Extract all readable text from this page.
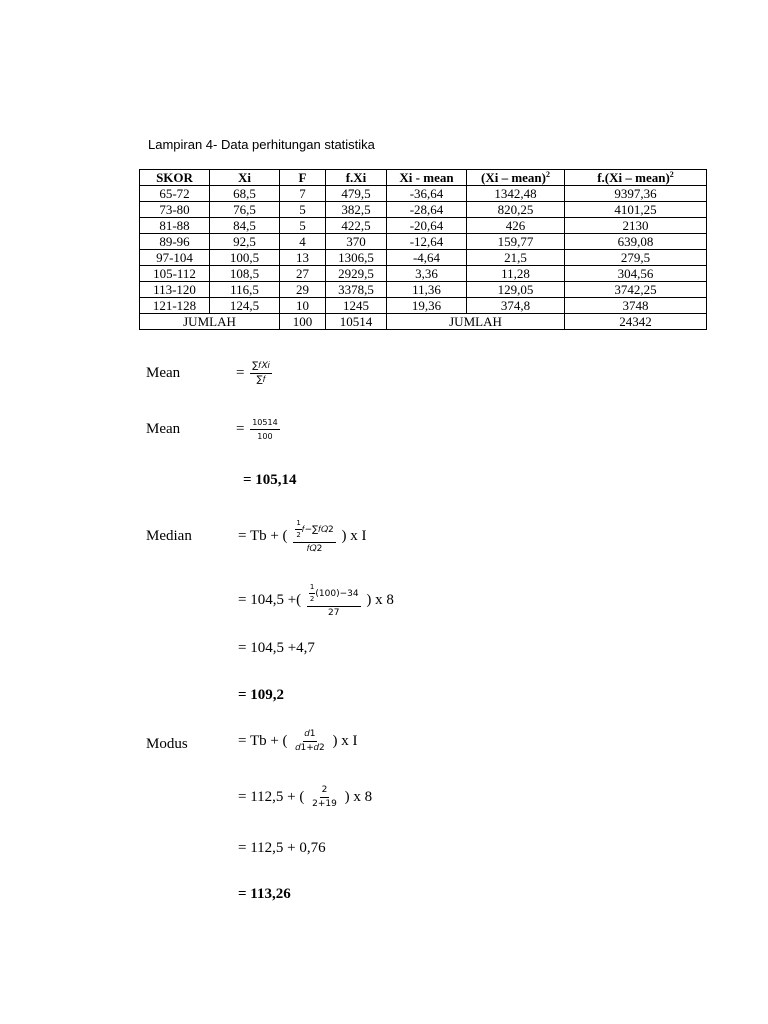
Lampiran 4- Data perhitungan statistika
SKOR	Xi	F	f.Xi	Xi - mean	(Xi – mean)$^2$	f.(Xi – mean)$^2$
65-72	68,5	7	479,5	-36,64	1342,48	9397,36
73-80	76,5	5	382,5	-28,64	820,25	4101,25
81-88	84,5	5	422,5	-20,64	426	2130
89-96	92,5	4	370	-12,64	159,77	639,08
97-104	100,5	13	1306,5	-4,64	21,5	279,5
105-112	108,5	27	2929,5	3,36	11,28	304,56
113-120	116,5	29	3378,5	11,36	129,05	3742,25
121-128	124,5	10	1245	19,36	374,8	3748
JUMLAH		100	10514	JUMLAH		24342
Mean	= $\frac{\text{∑𝑓𝑋𝑖}}{\text{∑𝑓}}$
Mean	= $\frac{10514}{100}$
= 105,14
Median	= Tb + ( $\frac{\frac{1}{2} 𝑓-\sum 𝑓𝑄2}{\text{𝑓𝑄2}}$ ) x I
= 104,5 +( $\frac{\frac{1}{2} (100)-34}{27}$ ) x 8
= 104,5 +4,7
= 109,2
Modus	= Tb + ( $\frac{\text{𝑑1}}{\text{𝑑1+𝑑2}}$ ) x I
= 112,5 + ( $\frac{2}{2+19}$ ) x 8
= 112,5 + 0,76
= 113,26
